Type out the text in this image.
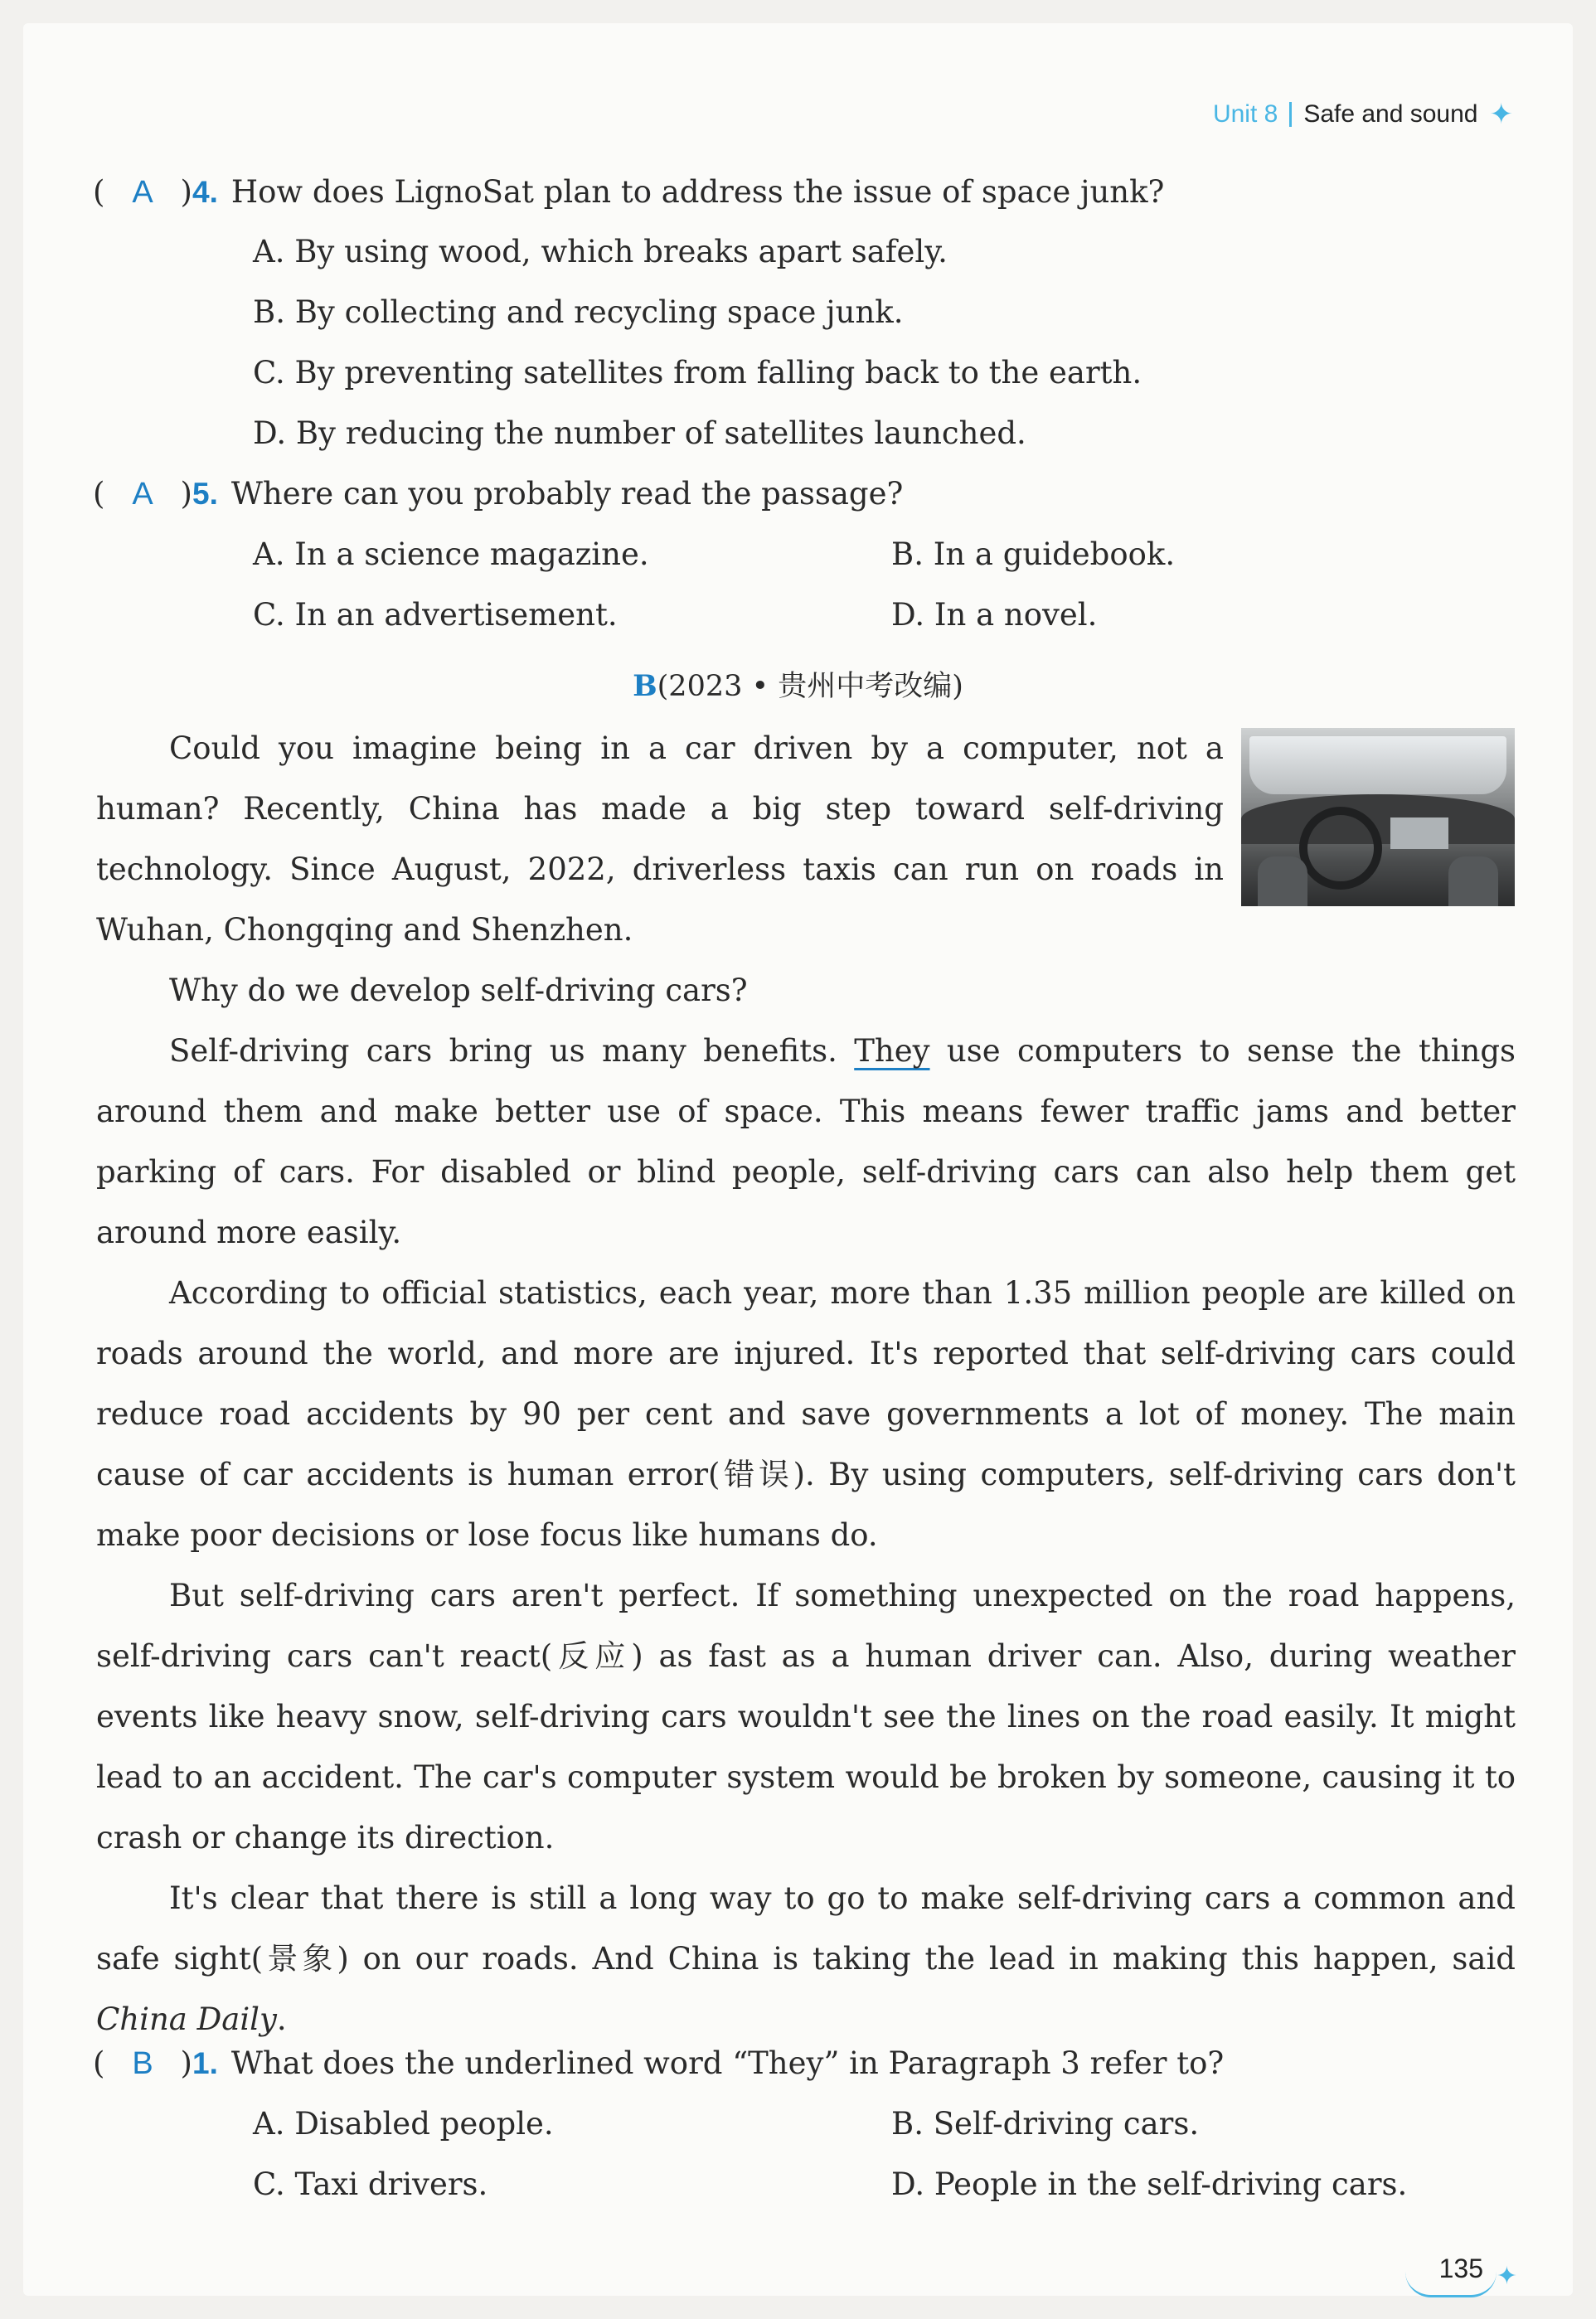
Unit 8 Safe and sound ✦
( A ) 4. How does LignoSat plan to address the issue of space junk?
A. By using wood, which breaks apart safely.
B. By collecting and recycling space junk.
C. By preventing satellites from falling back to the earth.
D. By reducing the number of satellites launched.
( A ) 5. Where can you probably read the passage?
A. In a science magazine.	B. In a guidebook.
C. In an advertisement.	D. In a novel.
B(2023 • 贵州中考改编)

Could you imagine being in a car driven by a computer, not a human? Recently, China has made a big step toward self-driving technology. Since August, 2022, driverless taxis can run on roads in Wuhan, Chongqing and Shenzhen.

Why do we develop self-driving cars?

Self-driving cars bring us many benefits. They use computers to sense the things around them and make better use of space. This means fewer traffic jams and better parking of cars. For disabled or blind people, self-driving cars can also help them get around more easily.

According to official statistics, each year, more than 1.35 million people are killed on roads around the world, and more are injured. It's reported that self-driving cars could reduce road accidents by 90 per cent and save governments a lot of money. The main cause of car accidents is human error(错误). By using computers, self-driving cars don't make poor decisions or lose focus like humans do.

But self-driving cars aren't perfect. If something unexpected on the road happens, self-driving cars can't react(反应) as fast as a human driver can. Also, during weather events like heavy snow, self-driving cars wouldn't see the lines on the road easily. It might lead to an accident. The car's computer system would be broken by someone, causing it to crash or change its direction.

It's clear that there is still a long way to go to make self-driving cars a common and safe sight(景象) on our roads. And China is taking the lead in making this happen, said China Daily.

( B ) 1. What does the underlined word “They” in Paragraph 3 refer to?
A. Disabled people.	B. Self-driving cars.
C. Taxi drivers.	D. People in the self-driving cars.
135 ✦
